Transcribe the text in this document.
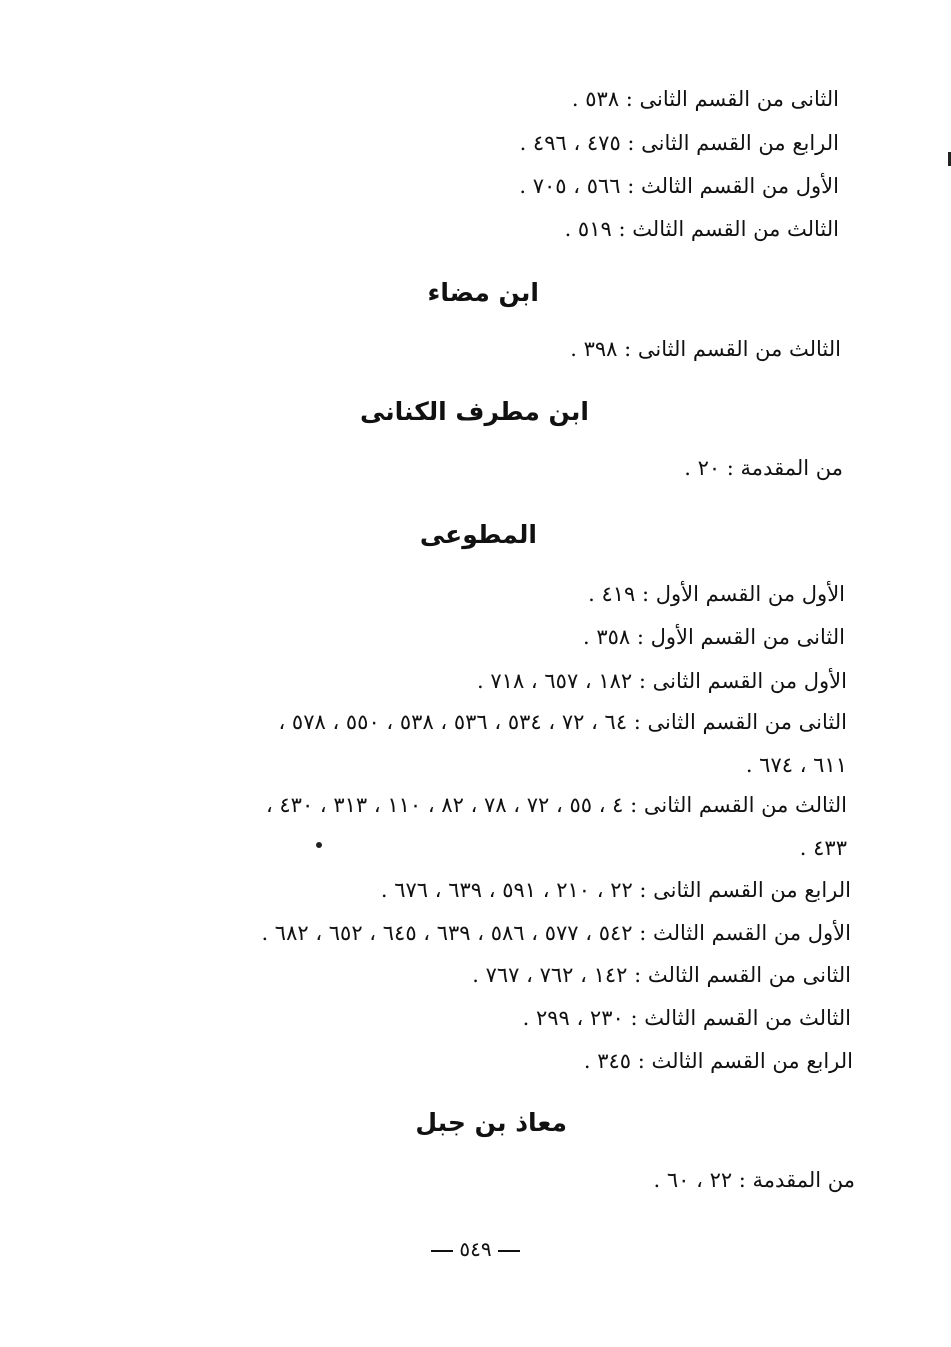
الثانى من القسم الثانى : ٥٣٨ .
الرابع من القسم الثانى : ٤٧٥ ، ٤٩٦ .
الأول من القسم الثالث : ٥٦٦ ، ٧٠٥ .
الثالث من القسم الثالث : ٥١٩ .
ابن مضاء
الثالث من القسم الثانى : ٣٩٨ .
ابن مطرف الكنانى
من المقدمة : ٢٠ .
المطوعى
الأول من القسم الأول : ٤١٩ .
الثانى من القسم الأول : ٣٥٨ .
الأول من القسم الثانى : ١٨٢ ، ٦٥٧ ، ٧١٨ .
الثانى من القسم الثانى : ٦٤ ، ٧٢ ، ٥٣٤ ، ٥٣٦ ، ٥٣٨ ، ٥٥٠ ، ٥٧٨ ،
٦١١ ، ٦٧٤ .
الثالث من القسم الثانى : ٤ ، ٥٥ ، ٧٢ ، ٧٨ ، ٨٢ ، ١١٠ ، ٣١٣ ، ٤٣٠ ،
٤٣٣ .
الرابع من القسم الثانى : ٢٢ ، ٢١٠ ، ٥٩١ ، ٦٣٩ ، ٦٧٦ .
الأول من القسم الثالث : ٥٤٢ ، ٥٧٧ ، ٥٨٦ ، ٦٣٩ ، ٦٤٥ ، ٦٥٢ ، ٦٨٢ .
الثانى من القسم الثالث : ١٤٢ ، ٧٦٢ ، ٧٦٧ .
الثالث من القسم الثالث : ٢٣٠ ، ٢٩٩ .
الرابع من القسم الثالث : ٣٤٥ .
معاذ بن جبل
من المقدمة : ٢٢ ، ٦٠ .
٥٤٩
